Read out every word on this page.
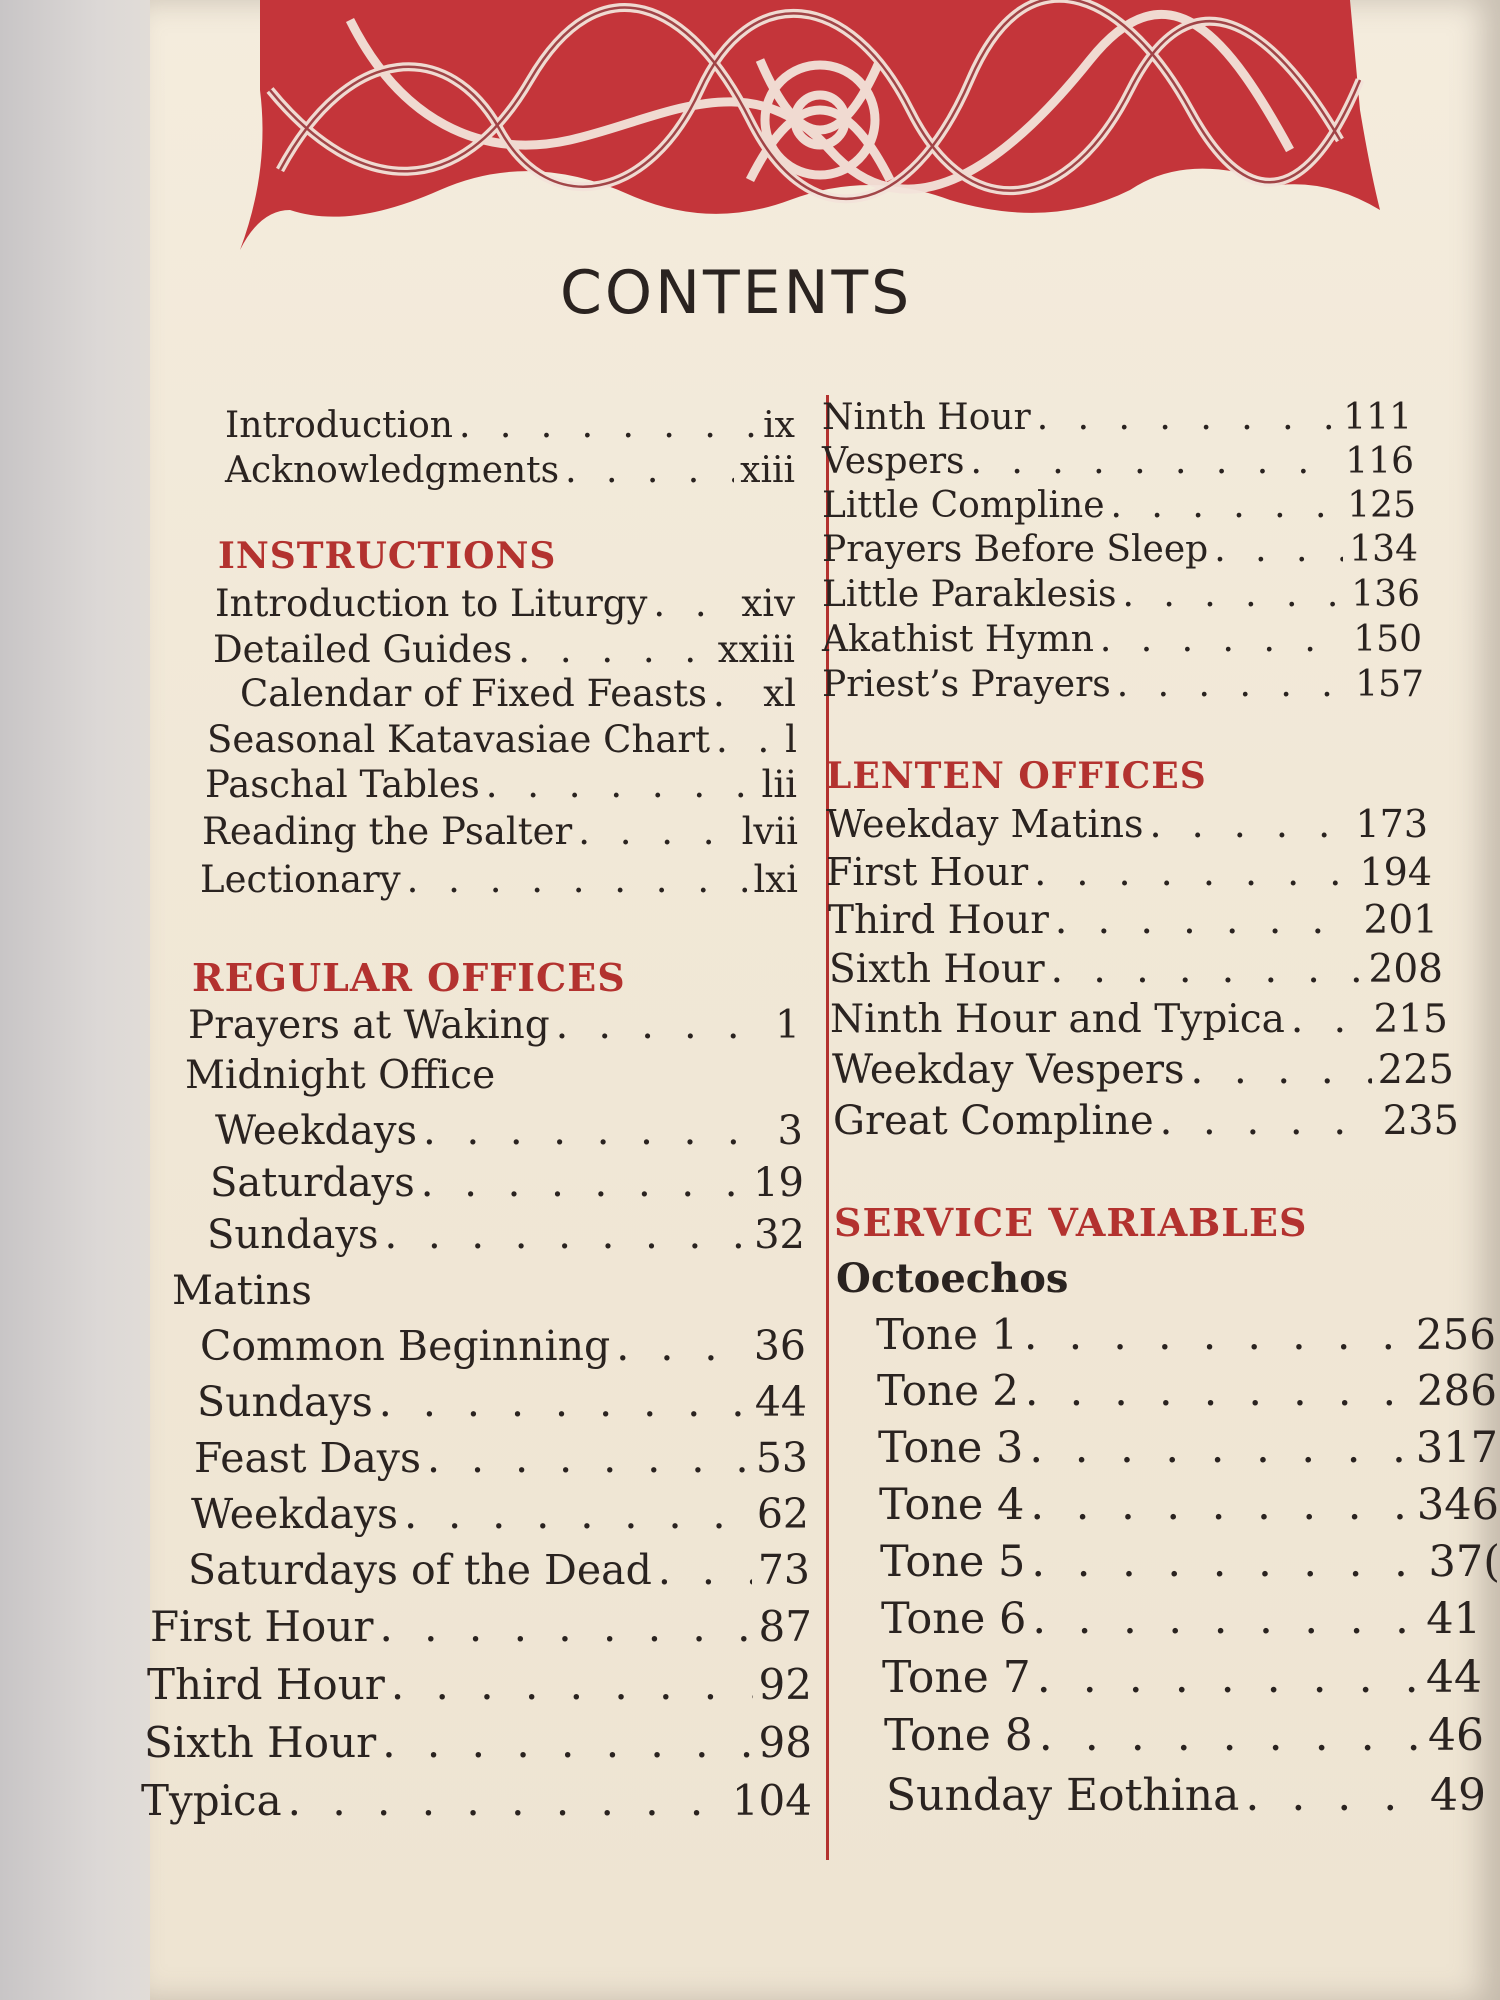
CONTENTS
Introduction . . .	ix
Acknowledgments . . .	xiii
INSTRUCTIONS
Introduction to Liturgy . . .	xiv
Detailed Guides . . .	xxiii
Calendar of Fixed Feasts . . . xl
Seasonal Katavasiae Chart . . . l
Paschal Tables . . .	lii
Reading the Psalter . . .	lvii
Lectionary . . .	lxi
REGULAR OFFICES
Prayers at Waking . . .	1
Midnight Office
Weekdays . . .	3
Saturdays . . .	19
Sundays . . .	32
Matins
Common Beginning . . .	36
Sundays . . .	44
Feast Days . . .	53
Weekdays . . .	62
Saturdays of the Dead . . .	73
First Hour . . .	87
Third Hour . . .	92
Sixth Hour . . .	98
Typica . . .	104
Ninth Hour . . .	111
Vespers . . .	116
Little Compline . . .	125
Prayers Before Sleep . . .	134
Little Paraklesis . . .	136
Akathist Hymn . . .	150
Priest’s Prayers . . .	157
LENTEN OFFICES
Weekday Matins . . .	173
First Hour . . .	194
Third Hour . . .	201
Sixth Hour . . .	208
Ninth Hour and Typica . . . 215
Weekday Vespers . . .	225
Great Compline . . .	235
SERVICE VARIABLES
Octoechos
Tone 1 . . .	256
Tone 2 . . .	286
Tone 3 . . .	317
Tone 4 . . .	346
Tone 5 . . .	37(
Tone 6 . . .	41
Tone 7 . . .	44
Tone 8 . . .	46
Sunday Eothina . . .	49
